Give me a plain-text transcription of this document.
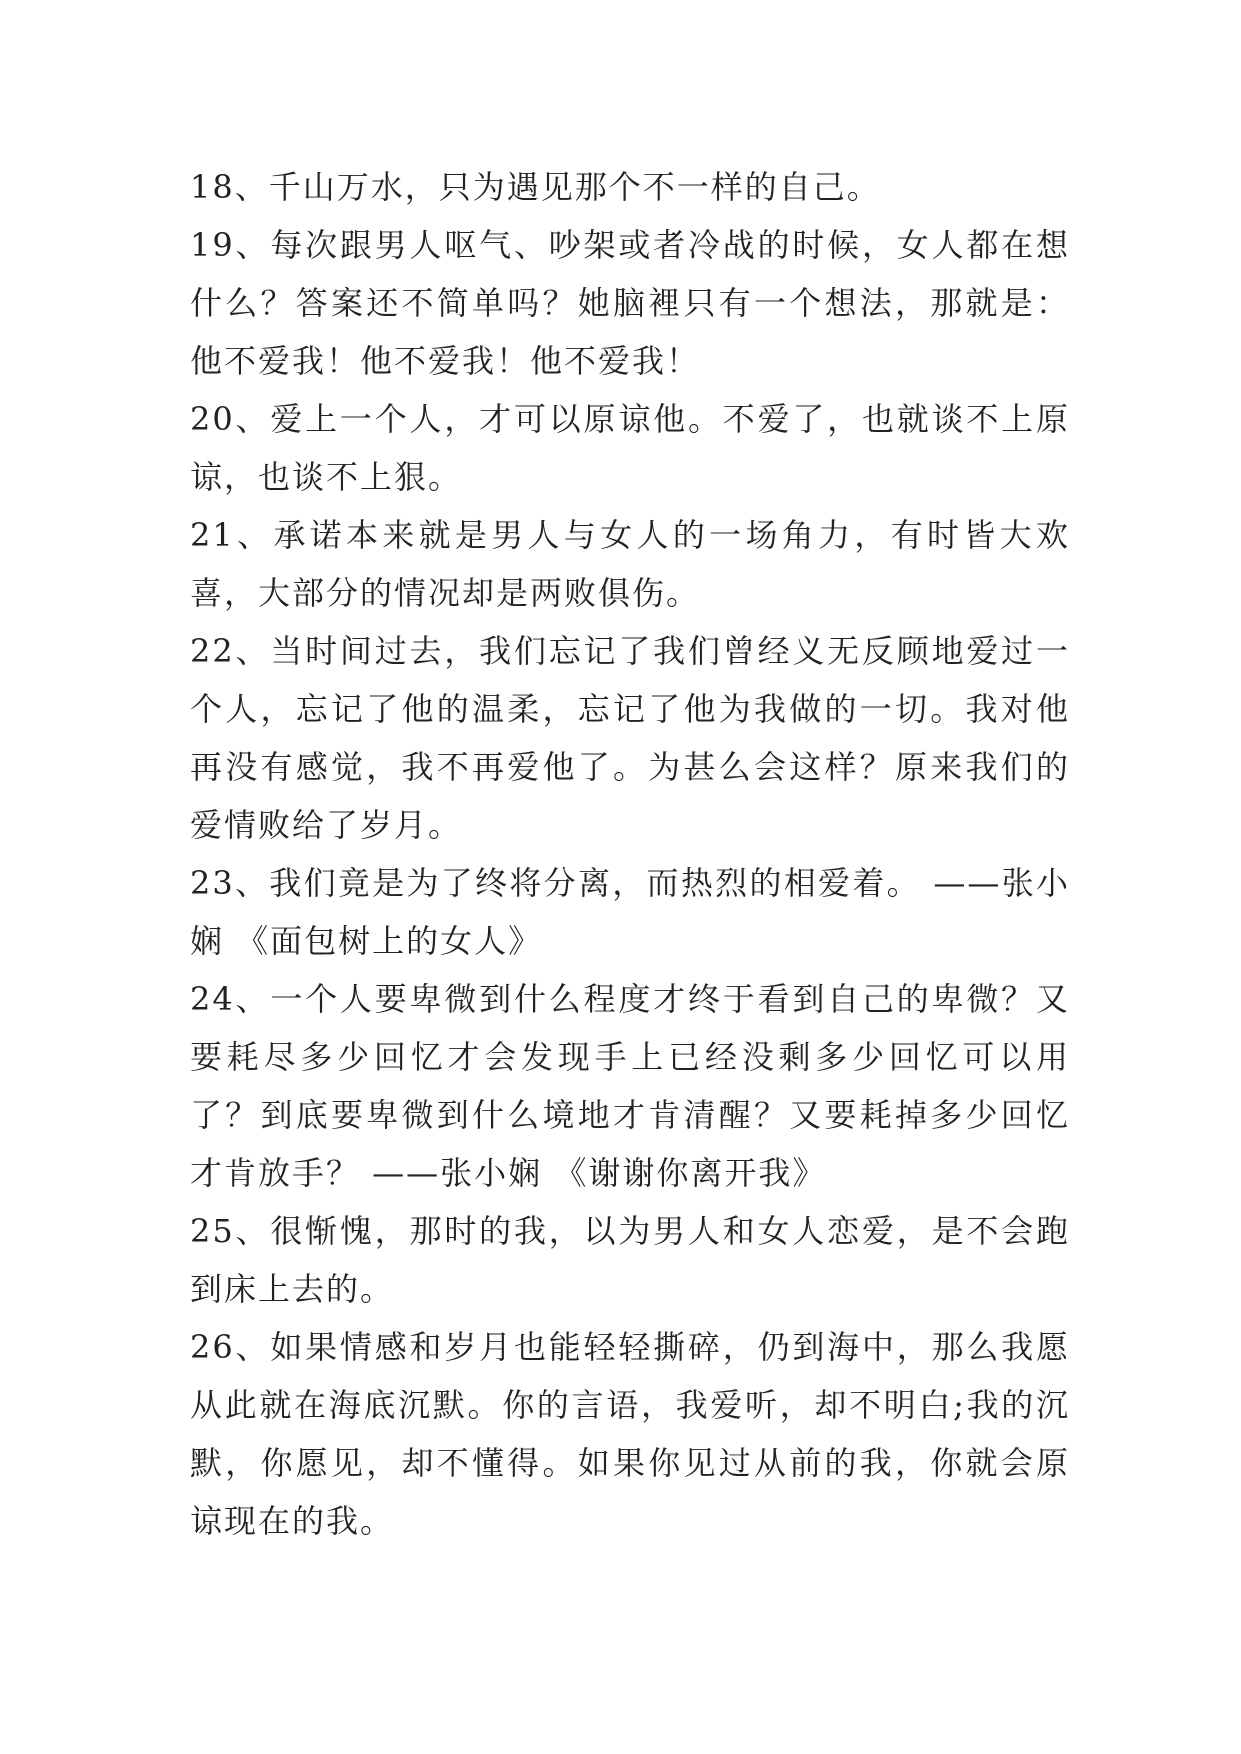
18、千山万水，只为遇见那个不一样的自己。

19、每次跟男人呕气、吵架或者冷战的时候，女人都在想什么？答案还不简单吗？她脑裡只有一个想法，那就是：他不爱我！他不爱我！他不爱我！

20、爱上一个人，才可以原谅他。不爱了，也就谈不上原谅，也谈不上狠。

21、承诺本来就是男人与女人的一场角力，有时皆大欢喜，大部分的情况却是两败俱伤。

22、当时间过去，我们忘记了我们曾经义无反顾地爱过一个人，忘记了他的温柔，忘记了他为我做的一切。我对他再没有感觉，我不再爱他了。为甚么会这样？原来我们的爱情败给了岁月。

23、我们竟是为了终将分离，而热烈的相爱着。 ——张小娴 《面包树上的女人》

24、一个人要卑微到什么程度才终于看到自己的卑微？又要耗尽多少回忆才会发现手上已经没剩多少回忆可以用了？到底要卑微到什么境地才肯清醒？又要耗掉多少回忆才肯放手？ ——张小娴 《谢谢你离开我》

25、很惭愧，那时的我，以为男人和女人恋爱，是不会跑到床上去的。

26、如果情感和岁月也能轻轻撕碎，仍到海中，那么我愿从此就在海底沉默。你的言语，我爱听，却不明白;我的沉默，你愿见，却不懂得。如果你见过从前的我，你就会原谅现在的我。
